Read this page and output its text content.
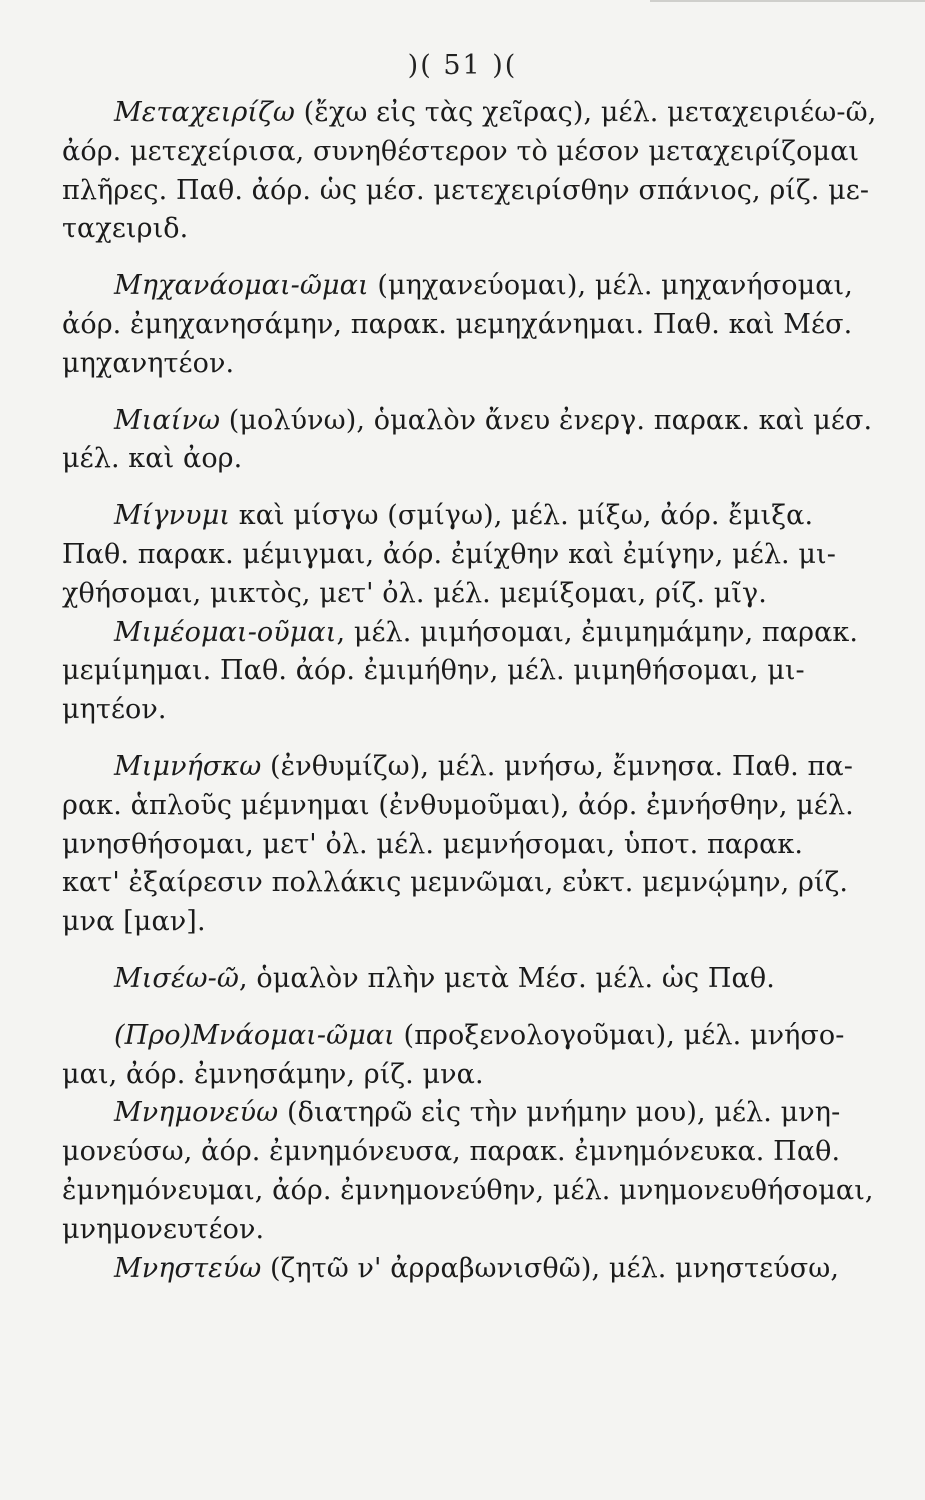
)( 51 )(
Μεταχειρίζω (ἔχω εἰς τὰς χεῖρας), μέλ. μεταχειριέω-ῶ,
ἀόρ. μετεχείρισα, συνηθέστερον τὸ μέσον μεταχειρίζομαι
πλῆρες. Παθ. ἀόρ. ὡς μέσ. μετεχειρίσθην σπάνιος, ρίζ. με-
ταχειριδ.
Μηχανάομαι-ῶμαι (μηχανεύομαι), μέλ. μηχανήσομαι,
ἀόρ. ἐμηχανησάμην, παρακ. μεμηχάνημαι. Παθ. καὶ Μέσ.
μηχανητέον.
Μιαίνω (μολύνω), ὁμαλὸν ἄνευ ἐνεργ. παρακ. καὶ μέσ.
μέλ. καὶ ἀορ.
Μίγνυμι καὶ μίσγω (σμίγω), μέλ. μίξω, ἀόρ. ἔμιξα.
Παθ. παρακ. μέμιγμαι, ἀόρ. ἐμίχθην καὶ ἐμίγην, μέλ. μι-
χθήσομαι, μικτὸς, μετ' ὀλ. μέλ. μεμίξομαι, ρίζ. μῖγ.
Μιμέομαι-οῦμαι, μέλ. μιμήσομαι, ἐμιμημάμην, παρακ.
μεμίμημαι. Παθ. ἀόρ. ἐμιμήθην, μέλ. μιμηθήσομαι, μι-
μητέον.
Μιμνήσκω (ἐνθυμίζω), μέλ. μνήσω, ἔμνησα. Παθ. πα-
ρακ. ἁπλοῦς μέμνημαι (ἐνθυμοῦμαι), ἀόρ. ἐμνήσθην, μέλ.
μνησθήσομαι, μετ' ὀλ. μέλ. μεμνήσομαι, ὑποτ. παρακ.
κατ' ἐξαίρεσιν πολλάκις μεμνῶμαι, εὐκτ. μεμνῴμην, ρίζ.
μνα [μαν].
Μισέω-ῶ, ὁμαλὸν πλὴν μετὰ Μέσ. μέλ. ὡς Παθ.
(Προ)Μνάομαι-ῶμαι (προξενολογοῦμαι), μέλ. μνήσο-
μαι, ἀόρ. ἐμνησάμην, ρίζ. μνα.
Μνημονεύω (διατηρῶ εἰς τὴν μνήμην μου), μέλ. μνη-
μονεύσω, ἀόρ. ἐμνημόνευσα, παρακ. ἐμνημόνευκα. Παθ.
ἐμνημόνευμαι, ἀόρ. ἐμνημονεύθην, μέλ. μνημονευθήσομαι,
μνημονευτέον.
Μνηστεύω (ζητῶ ν' ἀρραβωνισθῶ), μέλ. μνηστεύσω,
